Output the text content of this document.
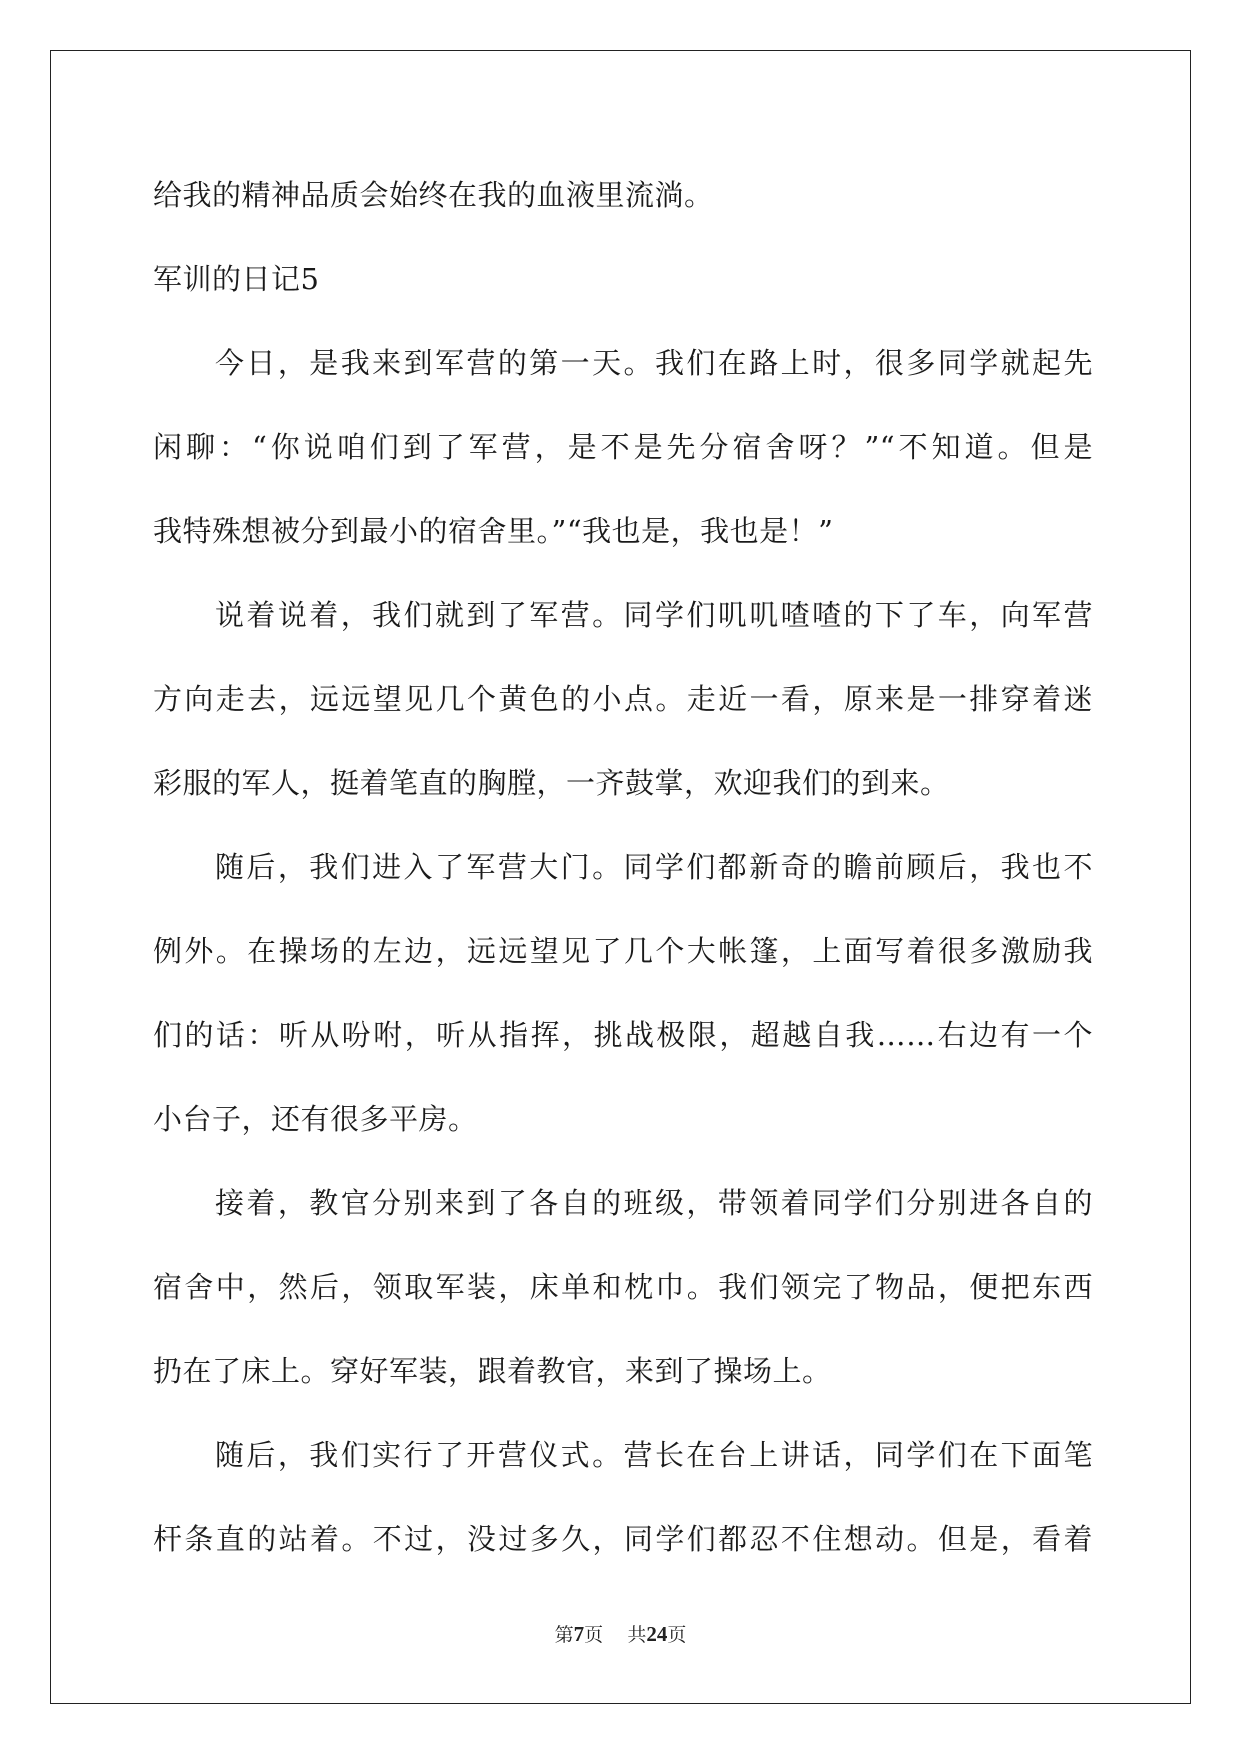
给我的精神品质会始终在我的血液里流淌。
军训的日记5
今日，是我来到军营的第一天。我们在路上时，很多同学就起先
闲聊：“你说咱们到了军营，是不是先分宿舍呀？”“不知道。但是
我特殊想被分到最小的宿舍里。”“我也是，我也是！”
说着说着，我们就到了军营。同学们叽叽喳喳的下了车，向军营
方向走去，远远望见几个黄色的小点。走近一看，原来是一排穿着迷
彩服的军人，挺着笔直的胸膛，一齐鼓掌，欢迎我们的到来。
随后，我们进入了军营大门。同学们都新奇的瞻前顾后，我也不
例外。在操场的左边，远远望见了几个大帐篷，上面写着很多激励我
们的话：听从吩咐，听从指挥，挑战极限，超越自我……右边有一个
小台子，还有很多平房。
接着，教官分别来到了各自的班级，带领着同学们分别进各自的
宿舍中，然后，领取军装，床单和枕巾。我们领完了物品，便把东西
扔在了床上。穿好军装，跟着教官，来到了操场上。
随后，我们实行了开营仪式。营长在台上讲话，同学们在下面笔
杆条直的站着。不过，没过多久，同学们都忍不住想动。但是，看着
第7页 共24页
